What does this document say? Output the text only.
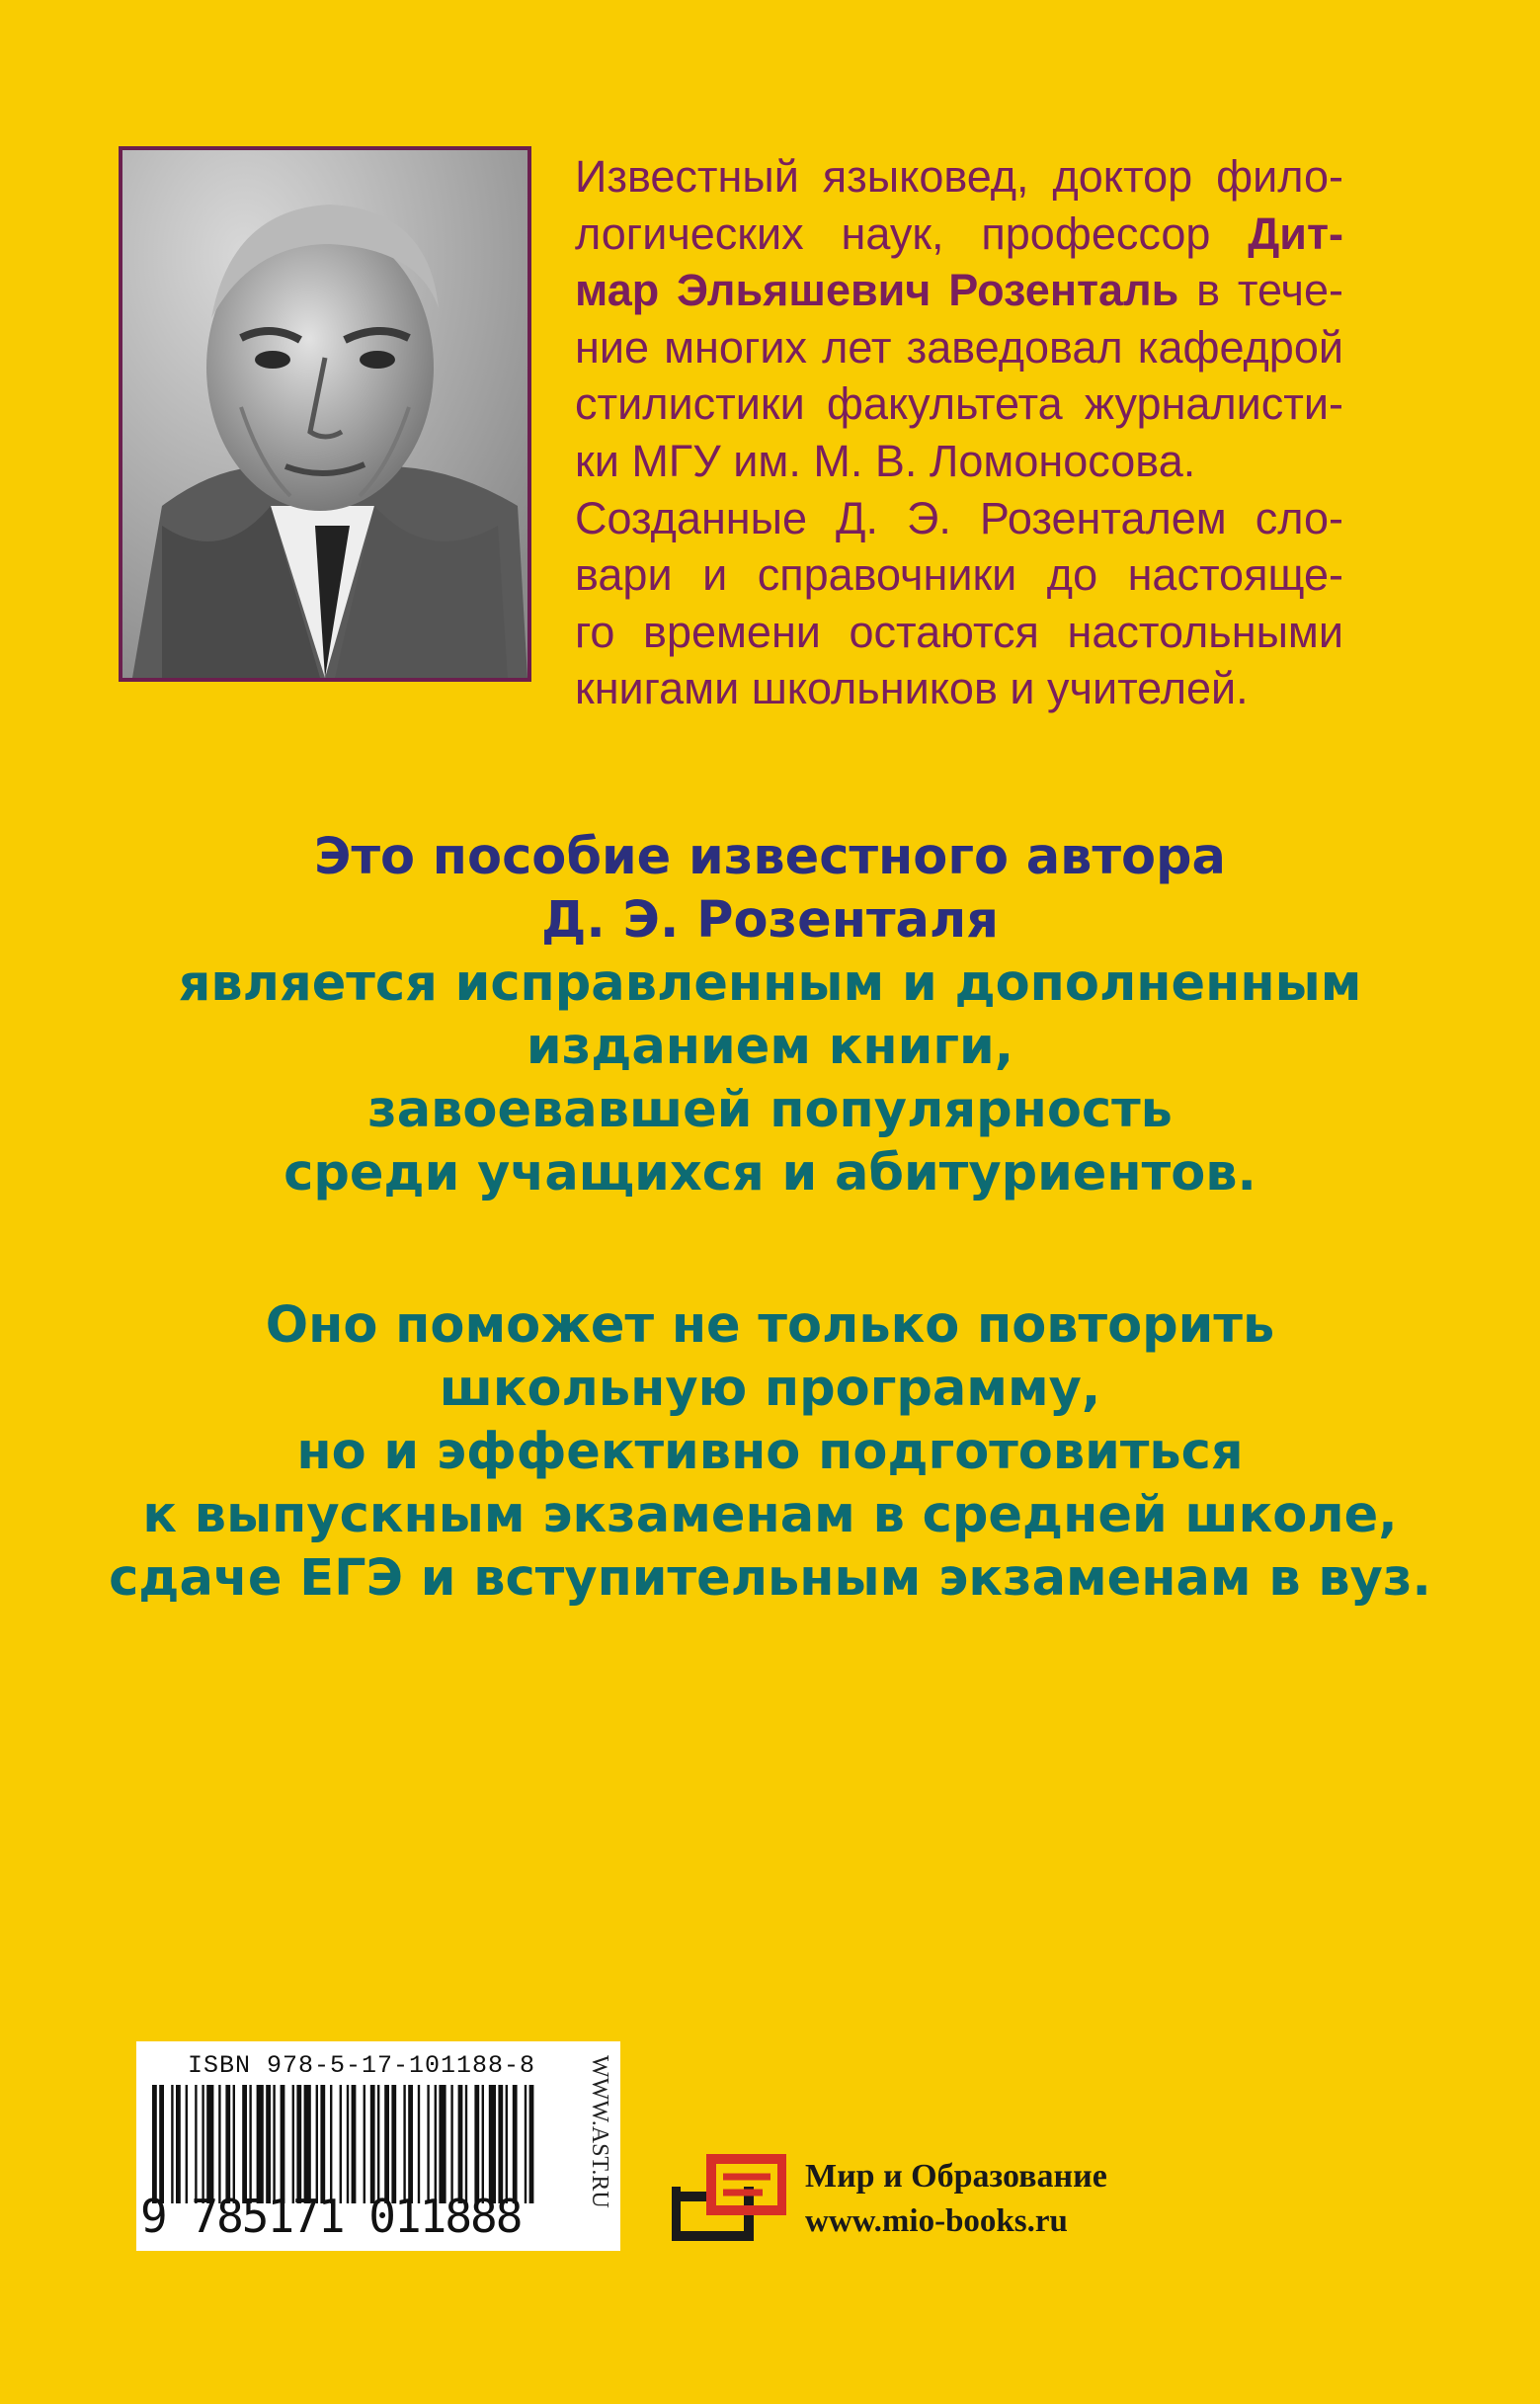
Известный языковед, доктор фило-
логических наук, профессор Дит-
мар Эльяшевич Розенталь в тече-
ние многих лет заведовал кафедрой
стилистики факультета журналисти-
ки МГУ им. М. В. Ломоносова.
Созданные Д. Э. Розенталем сло-
вари и справочники до настояще-
го времени остаются настольными
книгами школьников и учителей.
Это пособие известного автора
Д. Э. Розенталя
является исправленным и дополненным
изданием книги,
завоевавшей популярность
среди учащихся и абитуриентов.
Оно поможет не только повторить
школьную программу,
но и эффективно подготовиться
к выпускным экзаменам в средней школе,
сдаче ЕГЭ и вступительным экзаменам в вуз.
ISBN 978-5-17-101188-8
9 785171 011888
WWW.AST.RU	Мир и Образование
www.mio-books.ru
